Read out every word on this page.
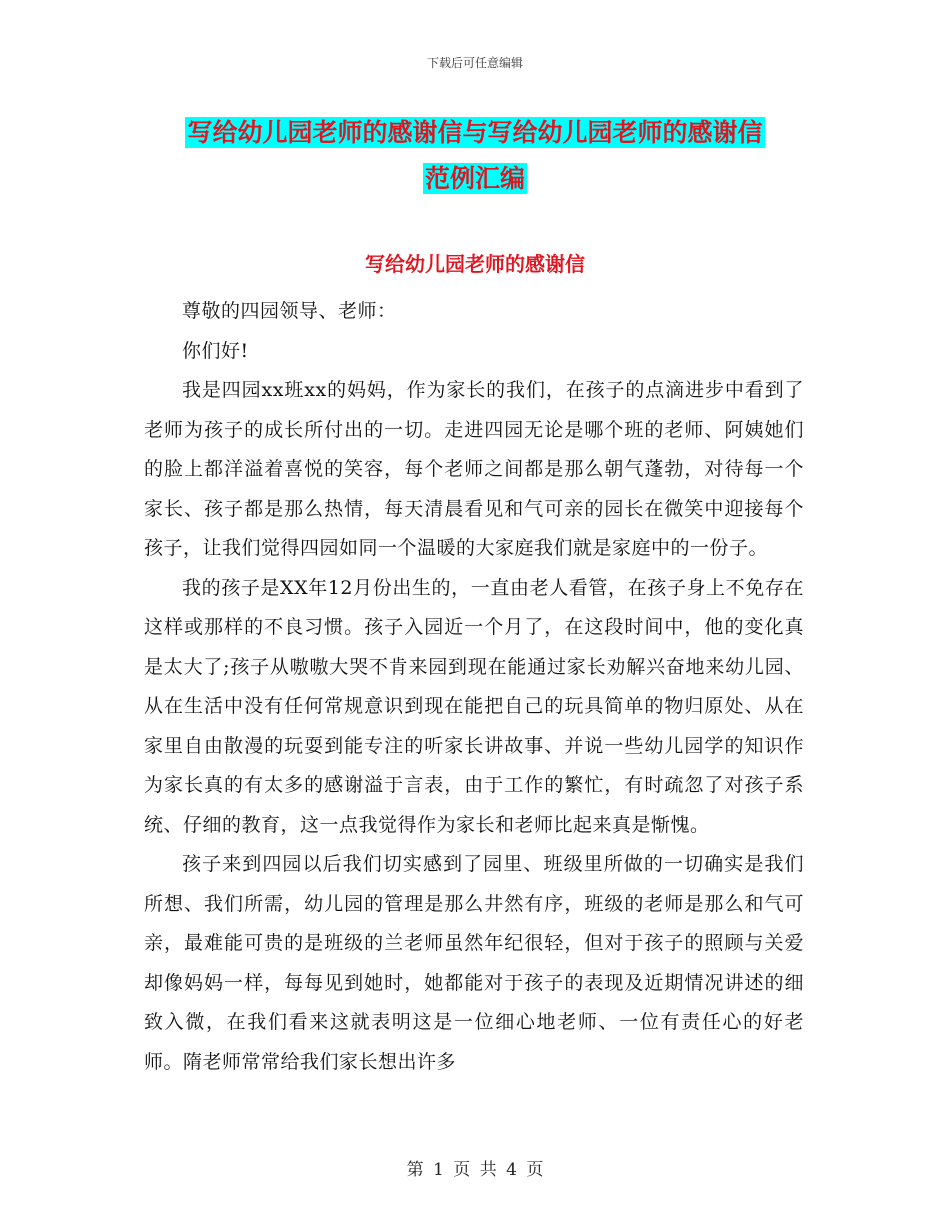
下载后可任意编辑
写给幼儿园老师的感谢信与写给幼儿园老师的感谢信
范例汇编
写给幼儿园老师的感谢信

尊敬的四园领导、老师：

你们好!

我是四园xx班xx的妈妈，作为家长的我们，在孩子的点滴进步中看到了老师为孩子的成长所付出的一切。走进四园无论是哪个班的老师、阿姨她们的脸上都洋溢着喜悦的笑容，每个老师之间都是那么朝气蓬勃，对待每一个家长、孩子都是那么热情，每天清晨看见和气可亲的园长在微笑中迎接每个孩子，让我们觉得四园如同一个温暖的大家庭我们就是家庭中的一份子。

我的孩子是XX年12月份出生的，一直由老人看管，在孩子身上不免存在这样或那样的不良习惯。孩子入园近一个月了，在这段时间中，他的变化真是太大了;孩子从嗷嗷大哭不肯来园到现在能通过家长劝解兴奋地来幼儿园、从在生活中没有任何常规意识到现在能把自己的玩具简单的物归原处、从在家里自由散漫的玩耍到能专注的听家长讲故事、并说一些幼儿园学的知识作为家长真的有太多的感谢溢于言表，由于工作的繁忙，有时疏忽了对孩子系统、仔细的教育，这一点我觉得作为家长和老师比起来真是惭愧。

孩子来到四园以后我们切实感到了园里、班级里所做的一切确实是我们所想、我们所需，幼儿园的管理是那么井然有序，班级的老师是那么和气可亲，最难能可贵的是班级的兰老师虽然年纪很轻，但对于孩子的照顾与关爱却像妈妈一样，每每见到她时，她都能对于孩子的表现及近期情况讲述的细致入微，在我们看来这就表明这是一位细心地老师、一位有责任心的好老师。隋老师常常给我们家长想出许多

第 1 页 共 4 页
